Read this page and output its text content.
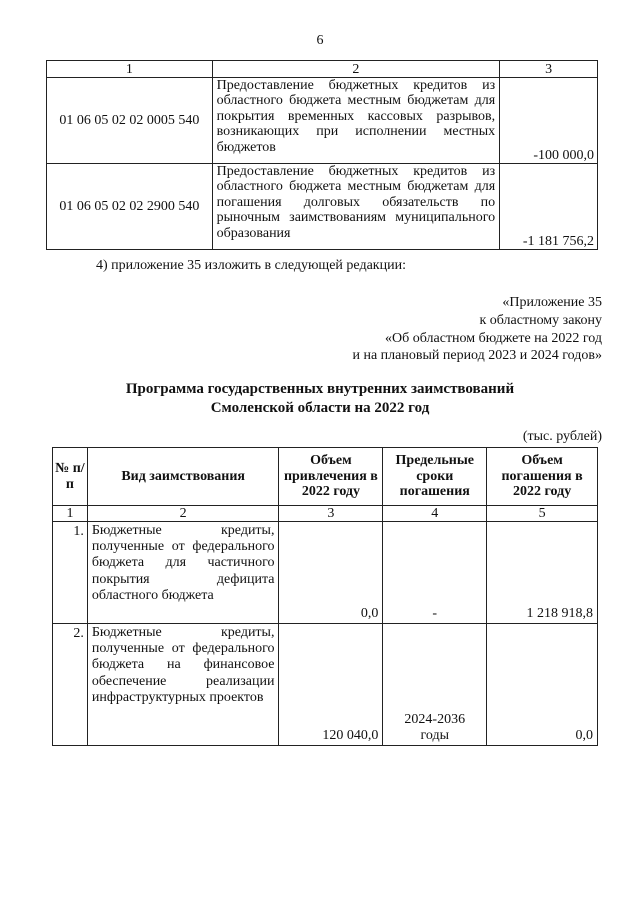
6
1	2	3
01 06 05 02 02 0005 540	Предоставление бюджетных кредитов из областного бюджета местным бюджетам для покрытия временных кассовых разрывов, возникающих при исполнении местных бюджетов	-100 000,0
01 06 05 02 02 2900 540	Предоставление бюджетных кредитов из областного бюджета местным бюджетам для погашения долговых обязательств по рыночным заимствованиям муниципального образования	-1 181 756,2
4) приложение 35 изложить в следующей редакции:
«Приложение 35
к областному закону
«Об областном бюджете на 2022 год
и на плановый период 2023 и 2024 годов»
Программа государственных внутренних заимствований
Смоленской области на 2022 год
(тыс. рублей)
№ п/п	Вид заимствования	Объем привлечения в 2022 году	Предельные сроки погашения	Объем погашения в 2022 году
1	2	3	4	5
1.	Бюджетные кредиты, полученные от федерального бюджета для частичного покрытия дефицита областного бюджета	0,0	-	1 218 918,8
2.	Бюджетные кредиты, полученные от федерального бюджета на финансовое обеспечение реализации инфраструктурных проектов	120 040,0	2024-2036 годы	0,0
